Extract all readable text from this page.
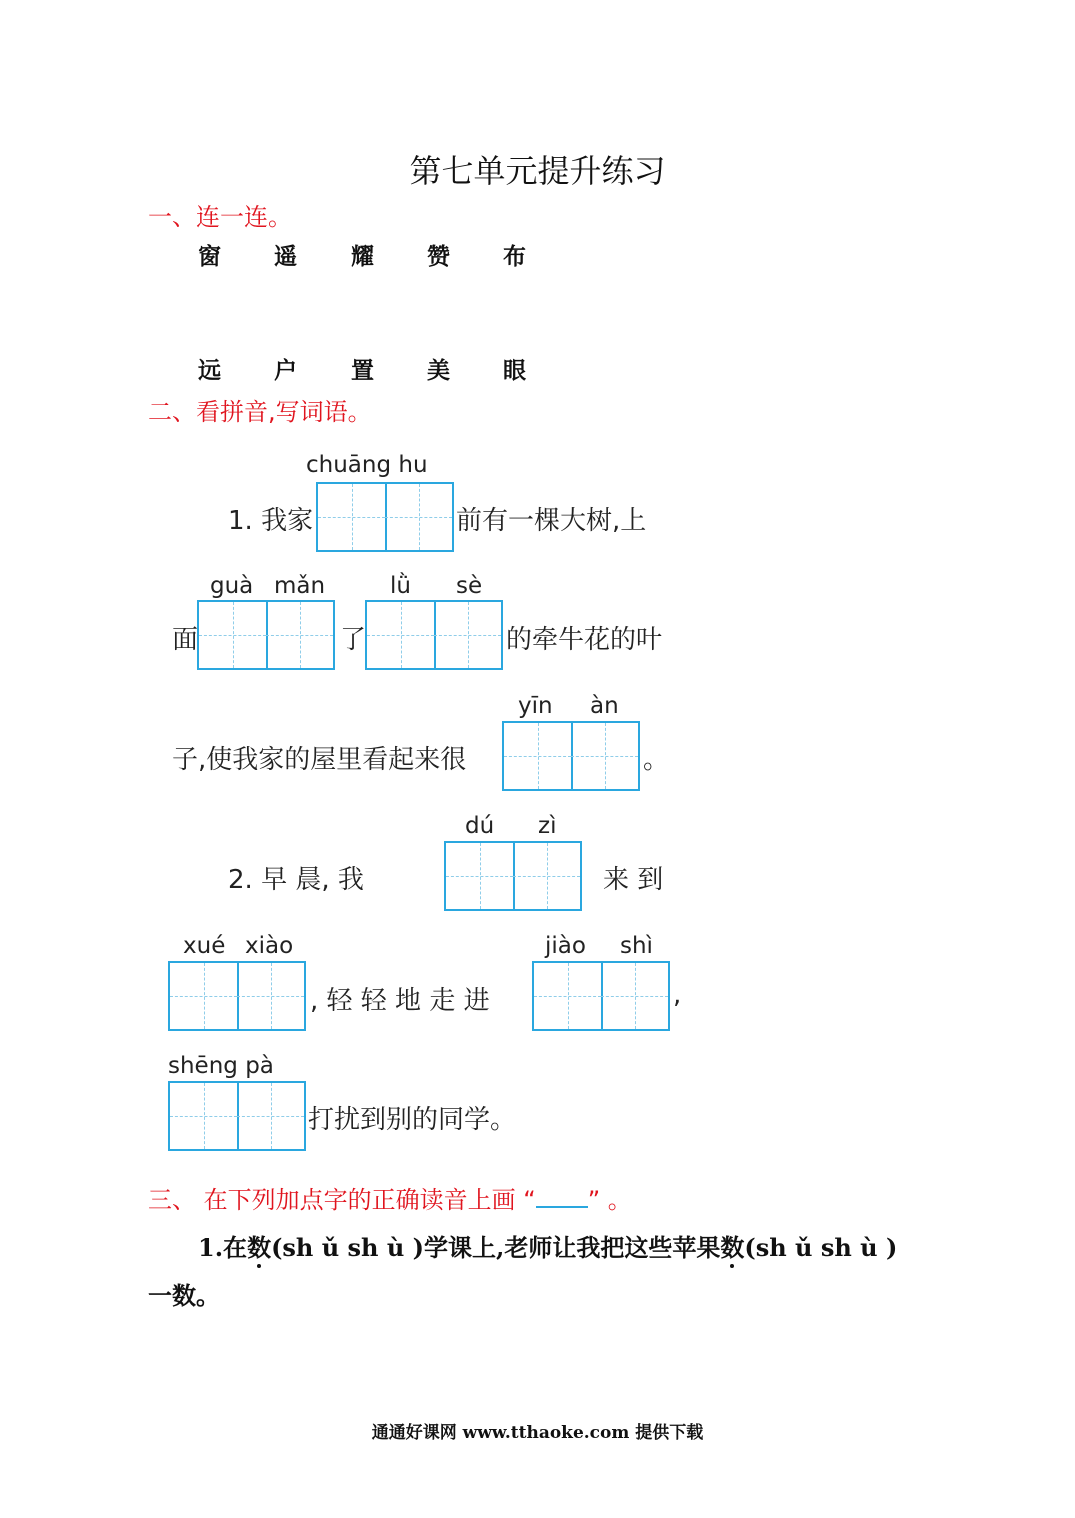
第七单元提升练习
一、连一连。
窗 遥 耀 赞 布
远 户 置 美 眼
二、看拼音,写词语。
chuāng hu
1. 我家	前有一棵大树,上
guà mǎn	lǜ sè
面	了	的牵牛花的叶
yīn àn
子,使我家的屋里看起来很	。
dú zì
2. 早 晨, 我	来 到
xué xiào	jiào shì
, 轻 轻 地 走 进	,
shēng pà
打扰到别的同学。
三、 在下列加点字的正确读音上画 “ ” 。
1.在数(sh ǔ sh ù )学课上,老师让我把这些苹果数(sh ǔ sh ù )
一数。
通通好课网 www.tthaoke.com 提供下载
